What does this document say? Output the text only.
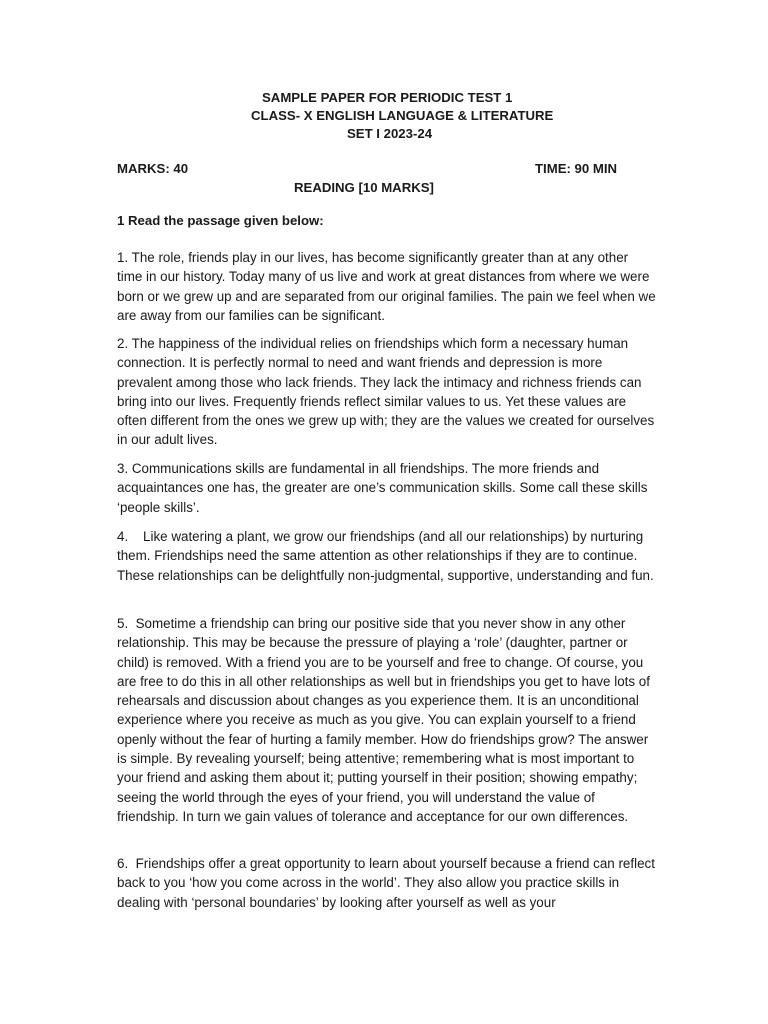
SAMPLE PAPER FOR PERIODIC TEST 1
CLASS- X ENGLISH LANGUAGE & LITERATURE
SET I 2023-24
MARKS: 40	TIME: 90 MIN
READING [10 MARKS]
1 Read the passage given below:

1. The role, friends play in our lives, has become significantly greater than at any other time in our history. Today many of us live and work at great distances from where we were born or we grew up and are separated from our original families. The pain we feel when we are away from our families can be significant.

2. The happiness of the individual relies on friendships which form a necessary human connection. It is perfectly normal to need and want friends and depression is more prevalent among those who lack friends. They lack the intimacy and richness friends can bring into our lives. Frequently friends reflect similar values to us. Yet these values are often different from the ones we grew up with; they are the values we created for ourselves in our adult lives.

3. Communications skills are fundamental in all friendships. The more friends and acquaintances one has, the greater are one’s communication skills. Some call these skills ‘people skills’.

4.    Like watering a plant, we grow our friendships (and all our relationships) by nurturing them. Friendships need the same attention as other relationships if they are to continue. These relationships can be delightfully non-judgmental, supportive, understanding and fun.

5.  Sometime a friendship can bring our positive side that you never show in any other relationship. This may be because the pressure of playing a ‘role’ (daughter, partner or child) is removed. With a friend you are to be yourself and free to change. Of course, you are free to do this in all other relationships as well but in friendships you get to have lots of rehearsals and discussion about changes as you experience them. It is an unconditional experience where you receive as much as you give. You can explain yourself to a friend openly without the fear of hurting a family member. How do friendships grow? The answer is simple. By revealing yourself; being attentive; remembering what is most important to your friend and asking them about it; putting yourself in their position; showing empathy; seeing the world through the eyes of your friend, you will understand the value of friendship. In turn we gain values of tolerance and acceptance for our own differences.

6.  Friendships offer a great opportunity to learn about yourself because a friend can reflect back to you ‘how you come across in the world’. They also allow you practice skills in dealing with ‘personal boundaries’ by looking after yourself as well as your
